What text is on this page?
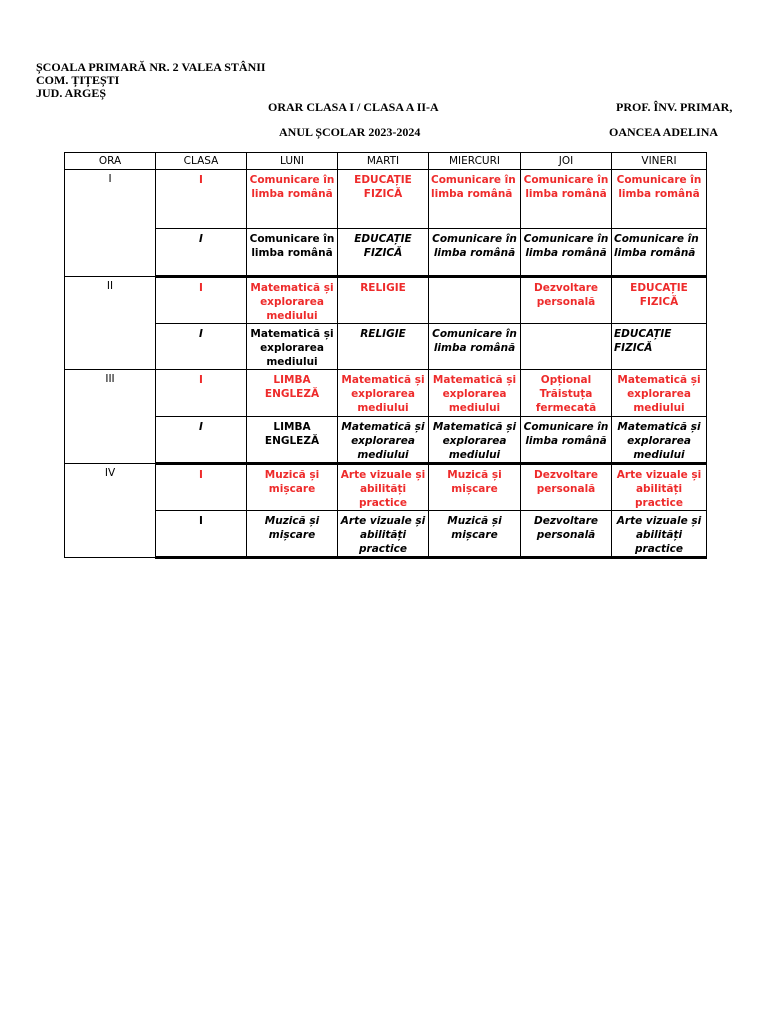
ȘCOALA PRIMARĂ NR. 2 VALEA STÂNII
COM. ȚIȚEȘTI
JUD. ARGEȘ
ORAR CLASA I / CLASA A II-A
ANUL ȘCOLAR 2023-2024
PROF. ÎNV. PRIMAR,
OANCEA ADELINA
ORA	CLASA	LUNI	MARTI	MIERCURI	JOI	VINERI
I	I	Comunicare în limba română	EDUCAȚIE FIZICĂ	Comunicare în limba română	Comunicare în limba română	Comunicare în limba română
	I	Comunicare în limba română	EDUCAȚIE FIZICĂ	Comunicare în limba română	Comunicare în limba română	Comunicare în limba română
II	I	Matematică și explorarea mediului	RELIGIE		Dezvoltare personală	EDUCAȚIE FIZICĂ
	I	Matematică și explorarea mediului	RELIGIE	Comunicare în limba română		EDUCAȚIE FIZICĂ
III	I	LIMBA ENGLEZĂ	Matematică și explorarea mediului	Matematică și explorarea mediului	Opțional Trăistuța fermecată	Matematică și explorarea mediului
	I	LIMBA ENGLEZĂ	Matematică și explorarea mediului	Matematică și explorarea mediului	Comunicare în limba română	Matematică și explorarea mediului
IV	I	Muzică și mișcare	Arte vizuale și abilități practice	Muzică și mișcare	Dezvoltare personală	Arte vizuale și abilități practice
	I	Muzică și mișcare	Arte vizuale și abilități practice	Muzică și mișcare	Dezvoltare personală	Arte vizuale și abilități practice
